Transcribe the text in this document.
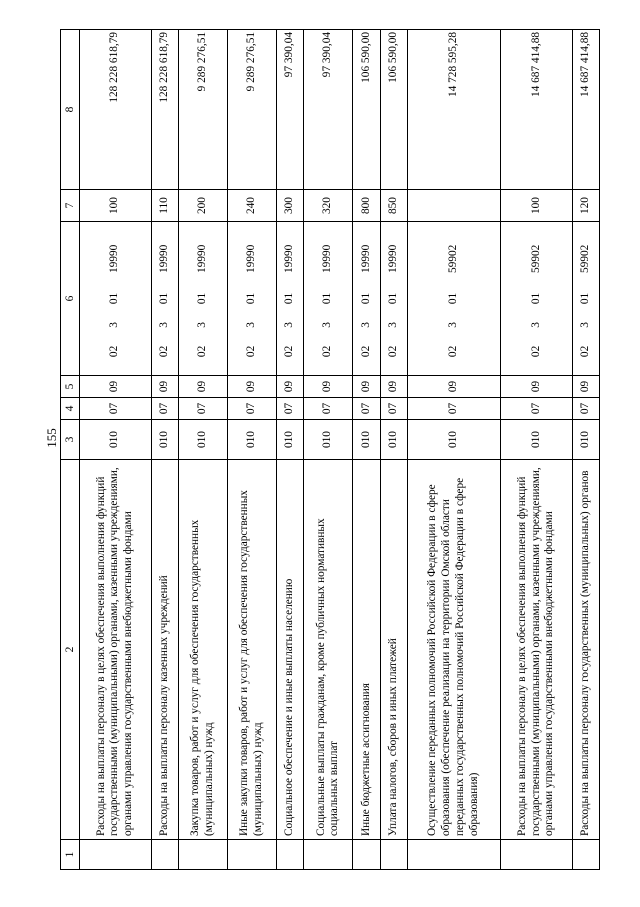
155
1	2	3	4	5	6	7	8
	Расходы на выплаты персоналу в целях обеспечения выполнения функций государственными (муниципальными) органами, казенными учреждениями, органами управления государственными внебюджетными фондами	010	07	09	0230119990	100	128 228 618,79
	Расходы на выплаты персоналу казенных учреждений	010	07	09	0230119990	110	128 228 618,79
	Закупка товаров, работ и услуг для обеспечения государственных (муниципальных) нужд	010	07	09	0230119990	200	9 289 276,51
	Иные закупки товаров, работ и услуг для обеспечения государственных (муниципальных) нужд	010	07	09	0230119990	240	9 289 276,51
	Социальное обеспечение и иные выплаты населению	010	07	09	0230119990	300	97 390,04
	Социальные выплаты гражданам, кроме публичных нормативных социальных выплат	010	07	09	0230119990	320	97 390,04
	Иные бюджетные ассигнования	010	07	09	0230119990	800	106 590,00
	Уплата налогов, сборов и иных платежей	010	07	09	0230119990	850	106 590,00
	Осуществление переданных полномочий Российской Федерации в сфере образования (обеспечение реализации на территории Омской области переданных государственных полномочий Российской Федерации в сфере образования)	010	07	09	0230159902		14 728 595,28
	Расходы на выплаты персоналу в целях обеспечения выполнения функций государственными (муниципальными) органами, казенными учреждениями, органами управления государственными внебюджетными фондами	010	07	09	0230159902	100	14 687 414,88
	Расходы на выплаты персоналу государственных (муниципальных) органов	010	07	09	0230159902	120	14 687 414,88
